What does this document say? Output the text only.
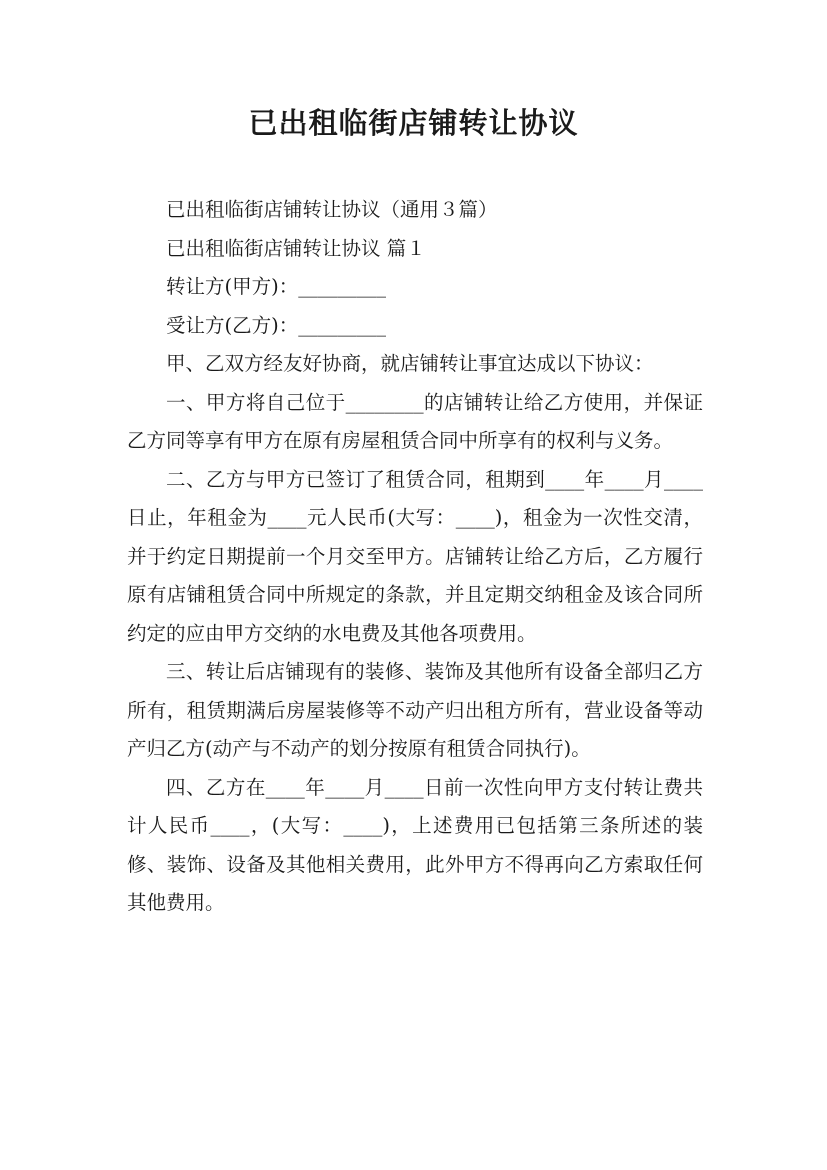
已出租临街店铺转让协议

已出租临街店铺转让协议（通用３篇）

已出租临街店铺转让协议 篇１

转让方(甲方)：_________

受让方(乙方)：_________

甲、乙双方经友好协商，就店铺转让事宜达成以下协议：

一、甲方将自己位于________的店铺转让给乙方使用，并保证乙方同等享有甲方在原有房屋租赁合同中所享有的权利与义务。

二、乙方与甲方已签订了租赁合同，租期到____年____月____日止，年租金为____元人民币(大写：____)，租金为一次性交清，并于约定日期提前一个月交至甲方。店铺转让给乙方后，乙方履行原有店铺租赁合同中所规定的条款，并且定期交纳租金及该合同所约定的应由甲方交纳的水电费及其他各项费用。

三、转让后店铺现有的装修、装饰及其他所有设备全部归乙方所有，租赁期满后房屋装修等不动产归出租方所有，营业设备等动产归乙方(动产与不动产的划分按原有租赁合同执行)。

四、乙方在____年____月____日前一次性向甲方支付转让费共计人民币____，(大写：____)，上述费用已包括第三条所述的装修、装饰、设备及其他相关费用，此外甲方不得再向乙方索取任何其他费用。
